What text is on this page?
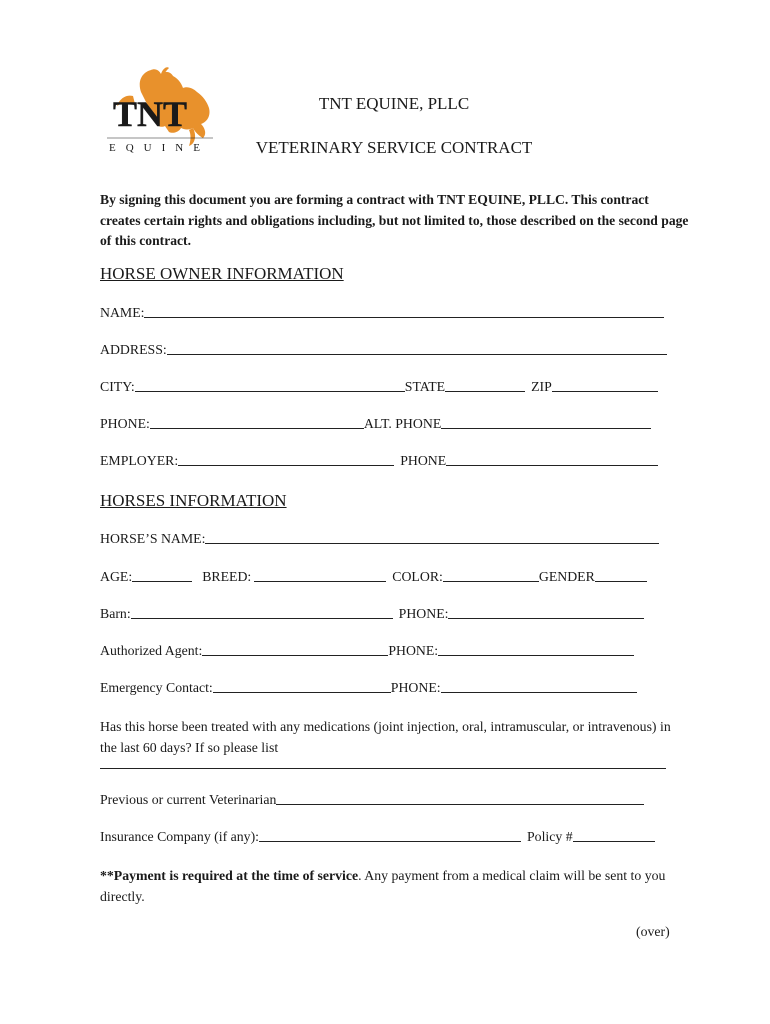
TNT
EQUINE
TNT EQUINE, PLLC
VETERINARY SERVICE CONTRACT
By signing this document you are forming a contract with TNT EQUINE, PLLC. This contract creates certain rights and obligations including, but not limited to, those described on the second page of this contract.
HORSE OWNER INFORMATION
NAME:
ADDRESS:
CITY:	STATE	ZIP
PHONE:	ALT. PHONE
EMPLOYER:	PHONE
HORSES INFORMATION
HORSE’S NAME:
AGE:	BREED:	COLOR:	GENDER
Barn:	PHONE:
Authorized Agent:	PHONE:
Emergency Contact:	PHONE:
Has this horse been treated with any medications (joint injection, oral, intramuscular, or intravenous) in the last 60 days? If so please list
Previous or current Veterinarian
Insurance Company (if any):	Policy #
**Payment is required at the time of service. Any payment from a medical claim will be sent to you directly.
(over)
